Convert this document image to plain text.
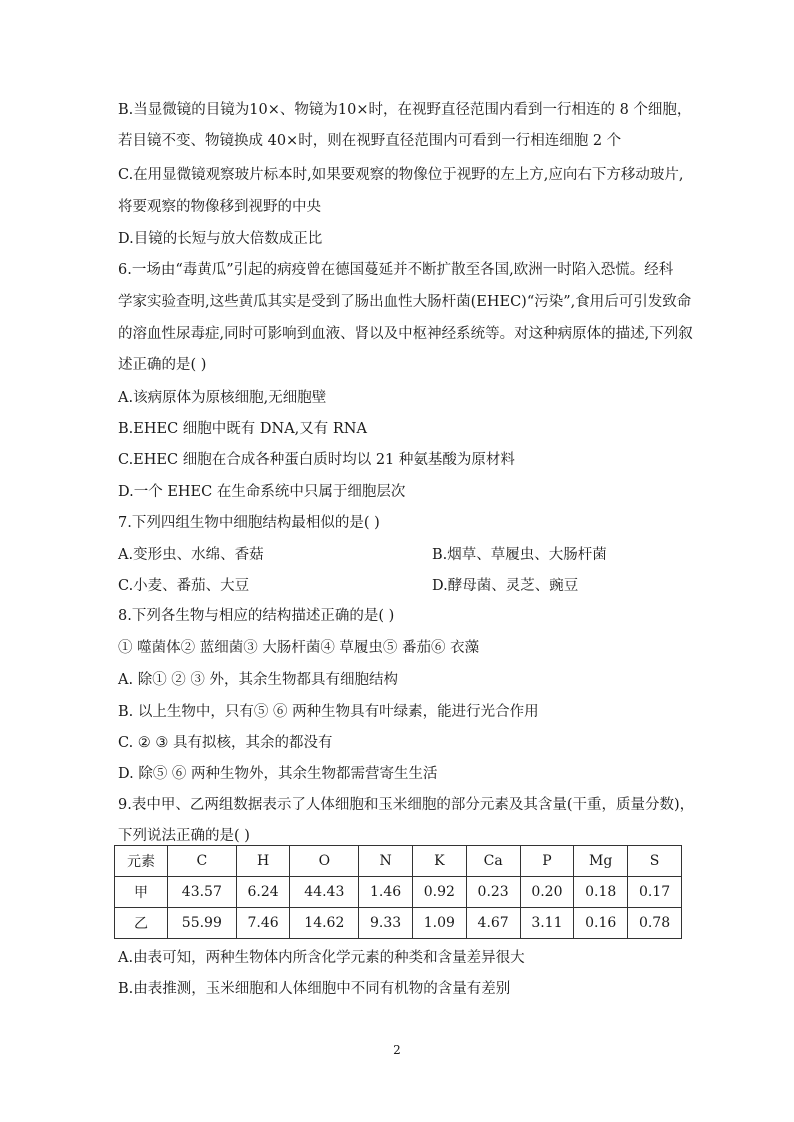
B.当显微镜的目镜为10×、物镜为10×时，在视野直径范围内看到一行相连的 8 个细胞，
若目镜不变、物镜换成 40×时，则在视野直径范围内可看到一行相连细胞 2 个
C.在用显微镜观察玻片标本时,如果要观察的物像位于视野的左上方,应向右下方移动玻片,
将要观察的物像移到视野的中央
D.目镜的长短与放大倍数成正比
6.一场由“毒黄瓜”引起的病疫曾在德国蔓延并不断扩散至各国,欧洲一时陷入恐慌。经科
学家实验查明,这些黄瓜其实是受到了肠出血性大肠杆菌(EHEC)“污染”,食用后可引发致命
的溶血性尿毒症,同时可影响到血液、肾以及中枢神经系统等。对这种病原体的描述,下列叙
述正确的是( )
A.该病原体为原核细胞,无细胞壁
B.EHEC 细胞中既有 DNA,又有 RNA
C.EHEC 细胞在合成各种蛋白质时均以 21 种氨基酸为原材料
D.一个 EHEC 在生命系统中只属于细胞层次
7.下列四组生物中细胞结构最相似的是( )
A.变形虫、水绵、香菇	B.烟草、草履虫、大肠杆菌
C.小麦、番茄、大豆	D.酵母菌、灵芝、豌豆
8.下列各生物与相应的结构描述正确的是( )
① 噬菌体② 蓝细菌③ 大肠杆菌④ 草履虫⑤ 番茄⑥ 衣藻
A. 除① ② ③ 外，其余生物都具有细胞结构
B. 以上生物中，只有⑤ ⑥ 两种生物具有叶绿素，能进行光合作用
C. ② ③ 具有拟核，其余的都没有
D. 除⑤ ⑥ 两种生物外，其余生物都需营寄生生活
9.表中甲、乙两组数据表示了人体细胞和玉米细胞的部分元素及其含量(干重，质量分数)，
下列说法正确的是( )
元素	C	H	O	N	K	Ca	P	Mg	S
甲	43.57	6.24	44.43	1.46	0.92	0.23	0.20	0.18	0.17
乙	55.99	7.46	14.62	9.33	1.09	4.67	3.11	0.16	0.78
A.由表可知，两种生物体内所含化学元素的种类和含量差异很大
B.由表推测，玉米细胞和人体细胞中不同有机物的含量有差别
2
